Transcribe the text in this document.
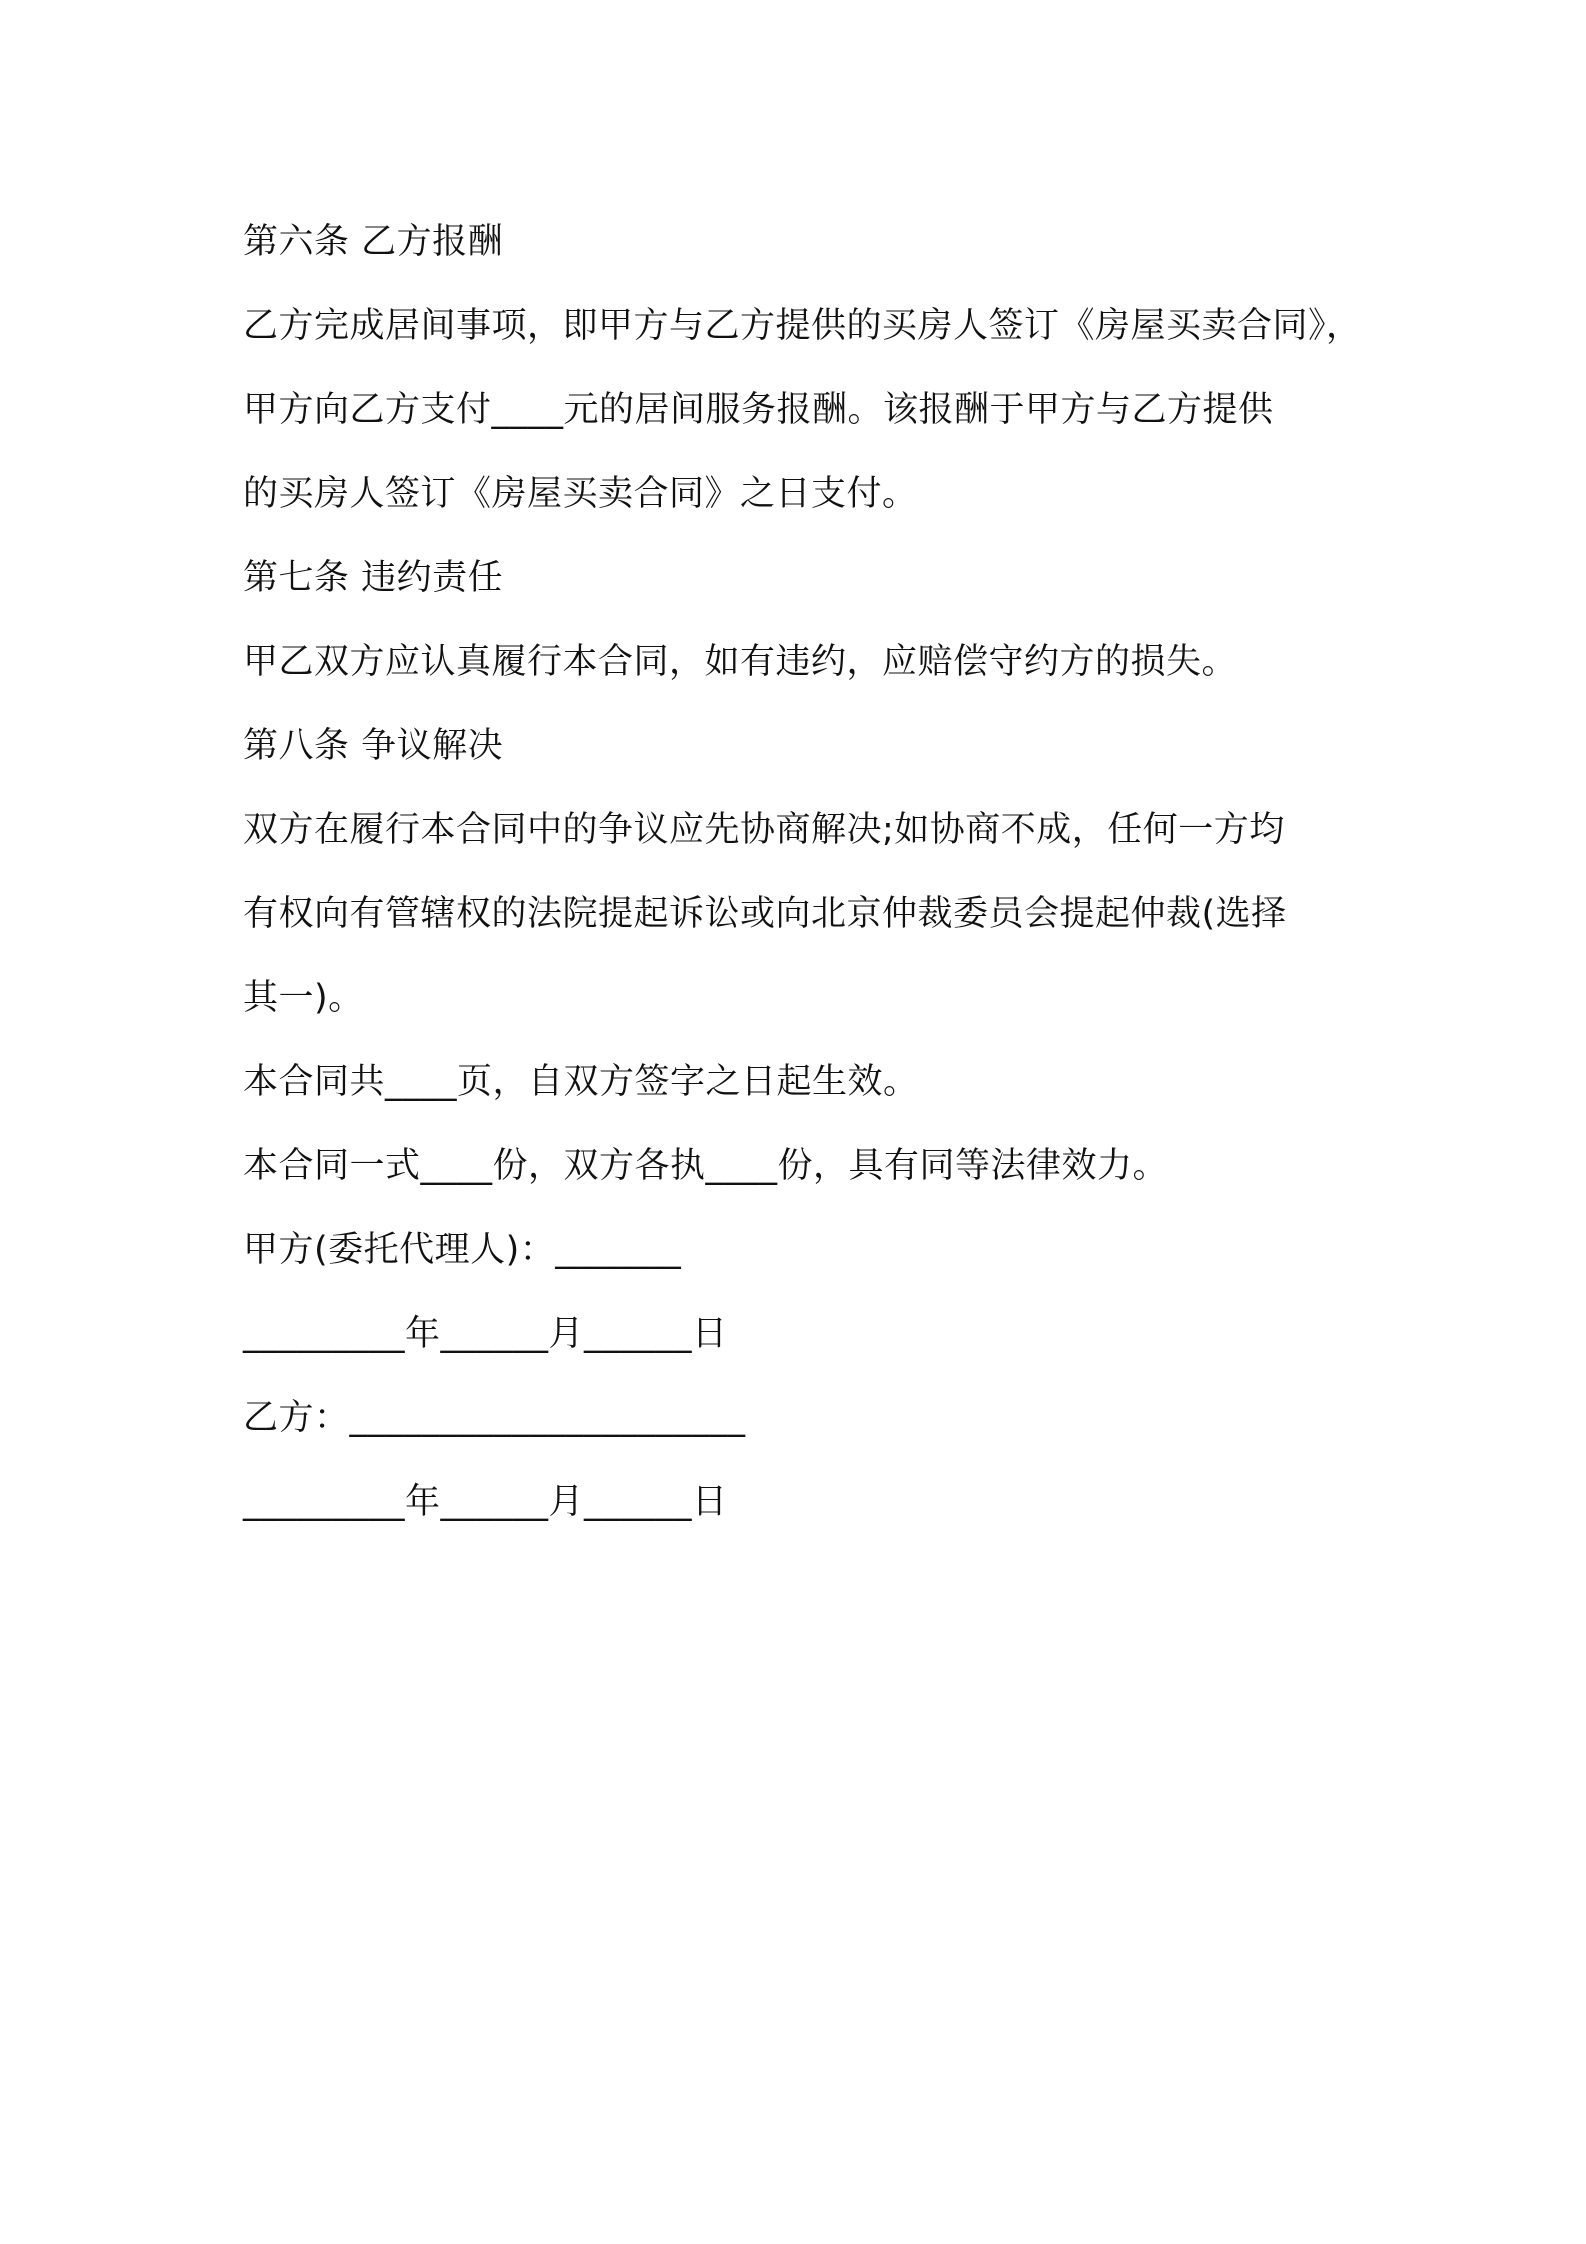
第六条 乙方报酬
乙方完成居间事项，即甲方与乙方提供的买房人签订《房屋买卖合同》，
甲方向乙方支付____元的居间服务报酬。该报酬于甲方与乙方提供
的买房人签订《房屋买卖合同》之日支付。
第七条 违约责任
甲乙双方应认真履行本合同，如有违约，应赔偿守约方的损失。
第八条 争议解决
双方在履行本合同中的争议应先协商解决;如协商不成，任何一方均
有权向有管辖权的法院提起诉讼或向北京仲裁委员会提起仲裁(选择
其一)。
本合同共____页，自双方签字之日起生效。
本合同一式____份，双方各执____份，具有同等法律效力。
甲方(委托代理人)：_______
_________年______月______日
乙方：______________________
_________年______月______日
